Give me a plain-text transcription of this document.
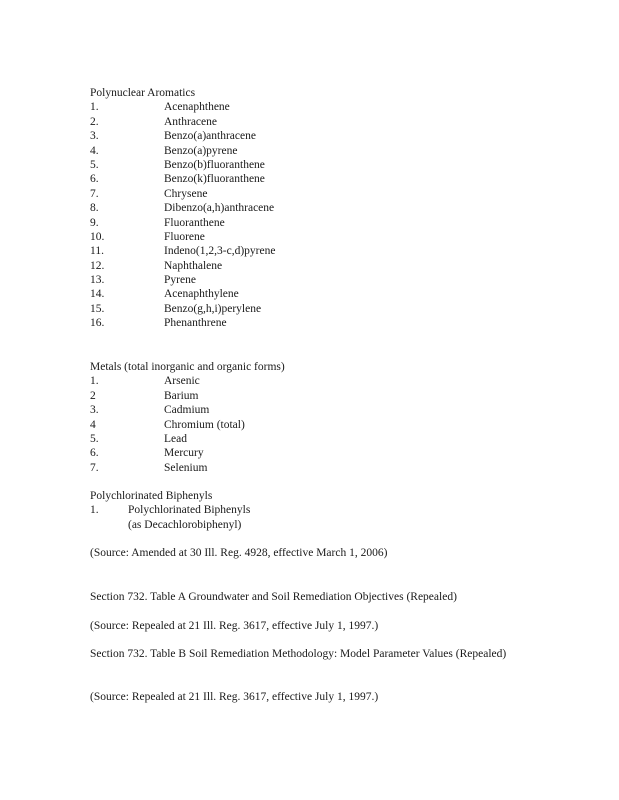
Polynuclear Aromatics
1.	Acenaphthene
2.	Anthracene
3.	Benzo(a)anthracene
4.	Benzo(a)pyrene
5.	Benzo(b)fluoranthene
6.	Benzo(k)fluoranthene
7.	Chrysene
8.	Dibenzo(a,h)anthracene
9.	Fluoranthene
10.	Fluorene
11.	Indeno(1,2,3-c,d)pyrene
12.	Naphthalene
13.	Pyrene
14.	Acenaphthylene
15.	Benzo(g,h,i)perylene
16.	Phenanthrene
Metals (total inorganic and organic forms)
1.	Arsenic
2	Barium
3.	Cadmium
4	Chromium (total)
5.	Lead
6.	Mercury
7.	Selenium
Polychlorinated Biphenyls
1.	Polychlorinated Biphenyls
(as Decachlorobiphenyl)
(Source: Amended at 30 Ill. Reg. 4928, effective March 1, 2006)
Section 732. Table A Groundwater and Soil Remediation Objectives (Repealed)
(Source: Repealed at 21 Ill. Reg. 3617, effective July 1, 1997.)
Section 732. Table B Soil Remediation Methodology: Model Parameter Values (Repealed)
(Source: Repealed at 21 Ill. Reg. 3617, effective July 1, 1997.)
